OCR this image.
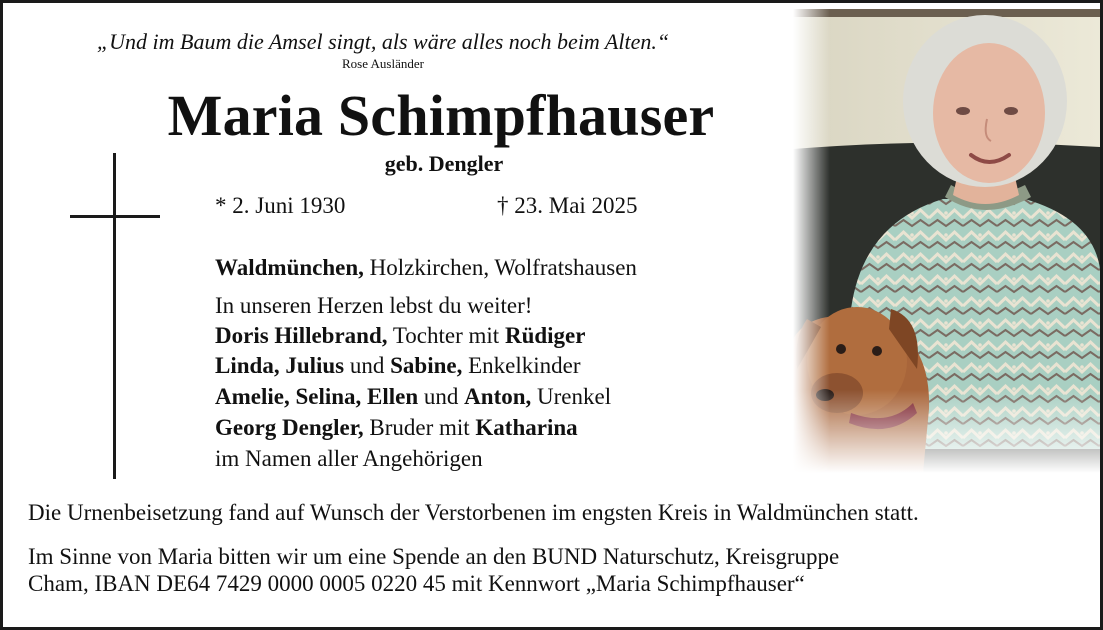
„Und im Baum die Amsel singt, als wäre alles noch beim Alten.“
Rose Ausländer
Maria Schimpfhauser
geb. Dengler
* 2. Juni 1930	† 23. Mai 2025
Waldmünchen, Holzkirchen, Wolfratshausen
In unseren Herzen lebst du weiter!
Doris Hillebrand, Tochter mit Rüdiger
Linda, Julius und Sabine, Enkelkinder
Amelie, Selina, Ellen und Anton, Urenkel
Georg Dengler, Bruder mit Katharina
im Namen aller Angehörigen
Die Urnenbeisetzung fand auf Wunsch der Verstorbenen im engsten Kreis in Waldmünchen statt.
Im Sinne von Maria bitten wir um eine Spende an den BUND Naturschutz, Kreisgruppe
Cham, IBAN DE64 7429 0000 0005 0220 45 mit Kennwort „Maria Schimpfhauser“
